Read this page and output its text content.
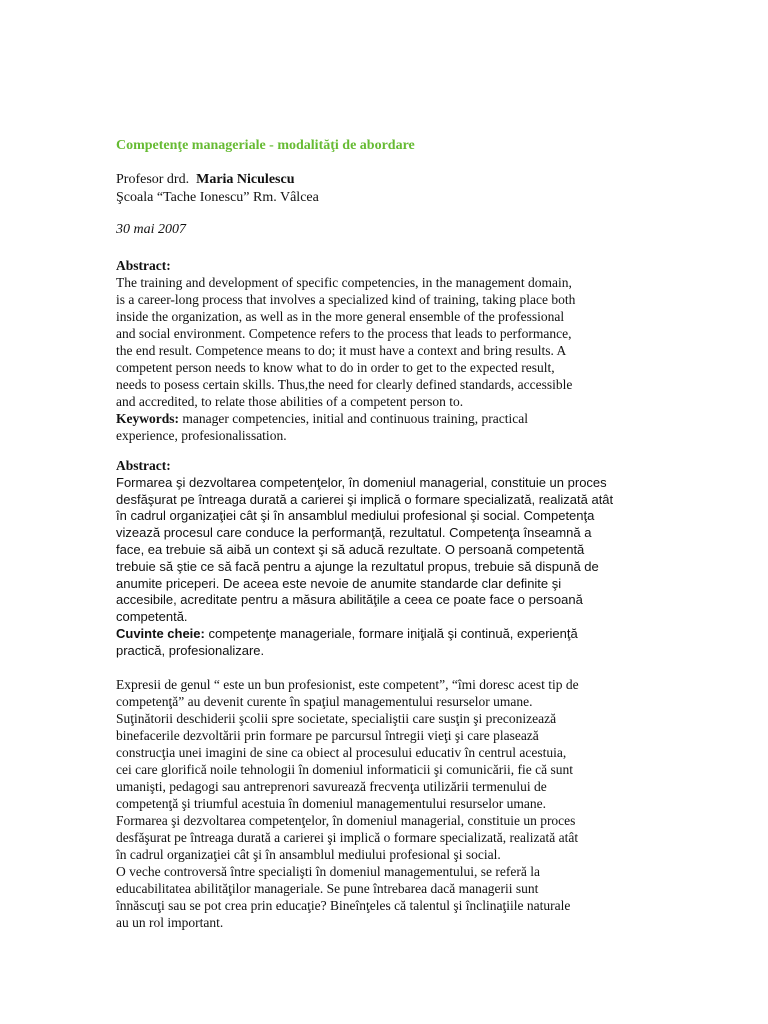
Competenţe manageriale - modalităţi de abordare
Profesor drd. Maria Niculescu
Şcoala “Tache Ionescu” Rm. Vâlcea
30 mai 2007
Abstract:
The training and development of specific competencies, in the management domain,
is a career-long process that involves a specialized kind of training, taking place both
inside the organization, as well as in the more general ensemble of the professional
and social environment. Competence refers to the process that leads to performance,
the end result. Competence means to do; it must have a context and bring results. A
competent person needs to know what to do in order to get to the expected result,
needs to posess certain skills. Thus,the need for clearly defined standards, accessible
and accredited, to relate those abilities of a competent person to.
Keywords: manager competencies, initial and continuous training, practical
experience, profesionalissation.
Abstract:
Formarea şi dezvoltarea competenţelor, în domeniul managerial, constituie un proces
desfăşurat pe întreaga durată a carierei şi implică o formare specializată, realizată atât
în cadrul organizaţiei cât şi în ansamblul mediului profesional şi social. Competenţa
vizează procesul care conduce la performanţă, rezultatul. Competenţa înseamnă a
face, ea trebuie să aibă un context şi să aducă rezultate. O persoană competentă
trebuie să ştie ce să facă pentru a ajunge la rezultatul propus, trebuie să dispună de
anumite priceperi. De aceea este nevoie de anumite standarde clar definite şi
accesibile, acreditate pentru a măsura abilităţile a ceea ce poate face o persoană
competentă.
Cuvinte cheie: competenţe manageriale, formare iniţială şi continuă, experienţă
practică, profesionalizare.
Expresii de genul “ este un bun profesionist, este competent”, “îmi doresc acest tip de
competenţă” au devenit curente în spaţiul managementului resurselor umane.
Suţinătorii deschiderii şcolii spre societate, specialiştii care susţin şi preconizează
binefacerile dezvoltării prin formare pe parcursul întregii vieţi şi care plasează
construcţia unei imagini de sine ca obiect al procesului educativ în centrul acestuia,
cei care glorifică noile tehnologii în domeniul informaticii şi comunicării, fie că sunt
umanişti, pedagogi sau antreprenori savurează frecvenţa utilizării termenului de
competenţă şi triumful acestuia în domeniul managementului resurselor umane.
Formarea şi dezvoltarea competenţelor, în domeniul managerial, constituie un proces
desfăşurat pe întreaga durată a carierei şi implică o formare specializată, realizată atât
în cadrul organizaţiei cât şi în ansamblul mediului profesional şi social.
O veche controversă între specialişti în domeniul managementului, se referă la
educabilitatea abilităţilor manageriale. Se pune întrebarea dacă managerii sunt
înnăscuţi sau se pot crea prin educaţie? Bineînţeles că talentul şi înclinaţiile naturale
au un rol important.
